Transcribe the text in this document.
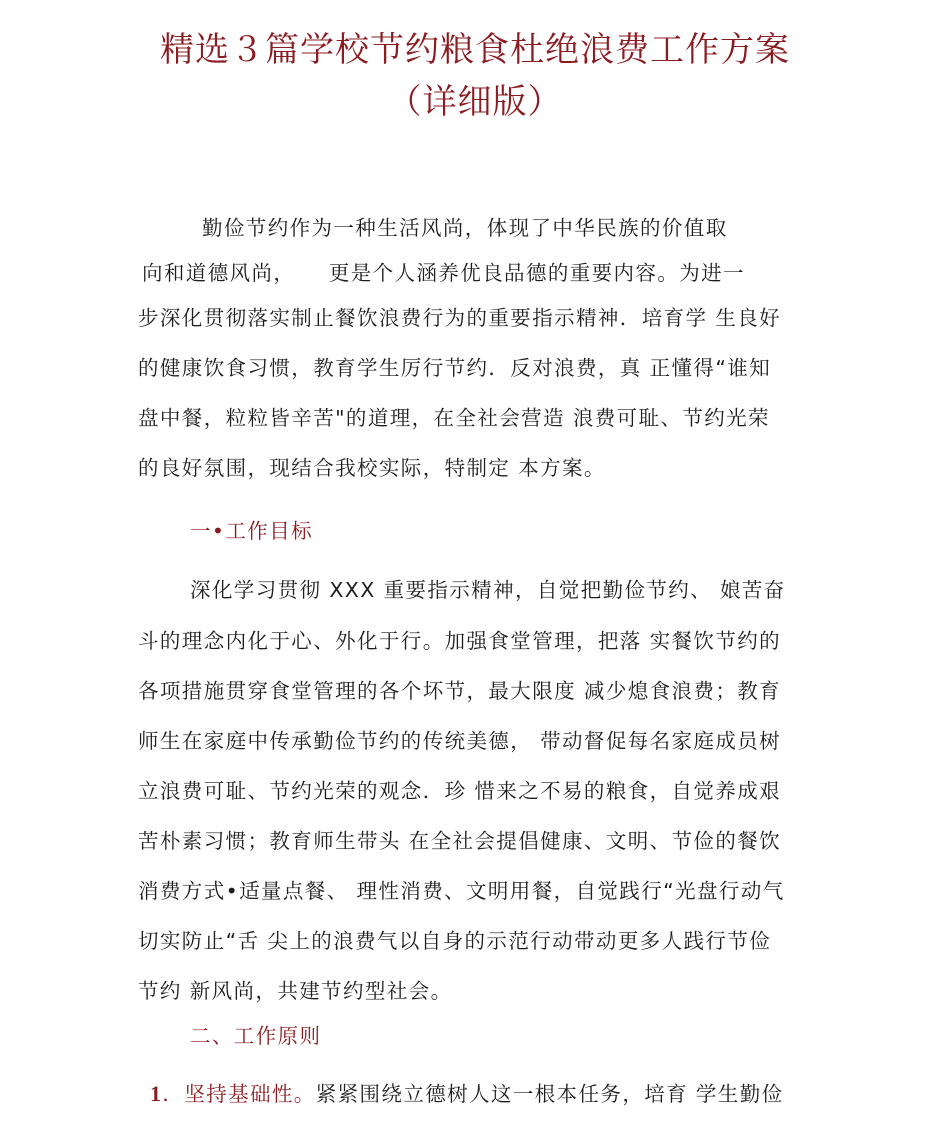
精选３篇学校节约粮食杜绝浪费工作方案
（详细版）

勤俭节约作为一种生活风尚，体现了中华民族的价值取

向和道德风尚，　　更是个人涵养优良品德的重要内容。为进一

步深化贯彻落实制止餐饮浪费行为的重要指示精神．培育学 生良好

的健康饮食习惯，教育学生厉行节约．反对浪费，真 正懂得“谁知

盘中餐，粒粒皆辛苦"的道理，在全社会营造 浪费可耻、节约光荣

的良好氛围，现结合我校实际，特制定 本方案。

一•工作目标

深化学习贯彻 XXX 重要指示精神，自觉把勤俭节约、 娘苦奋

斗的理念内化于心、外化于行。加强食堂管理，把落 实餐饮节约的

各项措施贯穿食堂管理的各个坏节，最大限度 减少熄食浪费；教育

师生在家庭中传承勤俭节约的传统美德， 带动督促每名家庭成员树

立浪费可耻、节约光荣的观念．珍 惜来之不易的粮食，自觉养成艰

苦朴素习惯；教育师生带头 在全社会提倡健康、文明、节俭的餐饮

消费方式•适量点餐、 理性消费、文明用餐，自觉践行“光盘行动气

切实防止“舌 尖上的浪费气以自身的示范行动带动更多人践行节俭

节约 新风尚，共建节约型社会。

二、工作原则

1．坚持基础性。紧紧围绕立德树人这一根本任务，培育 学生勤俭
